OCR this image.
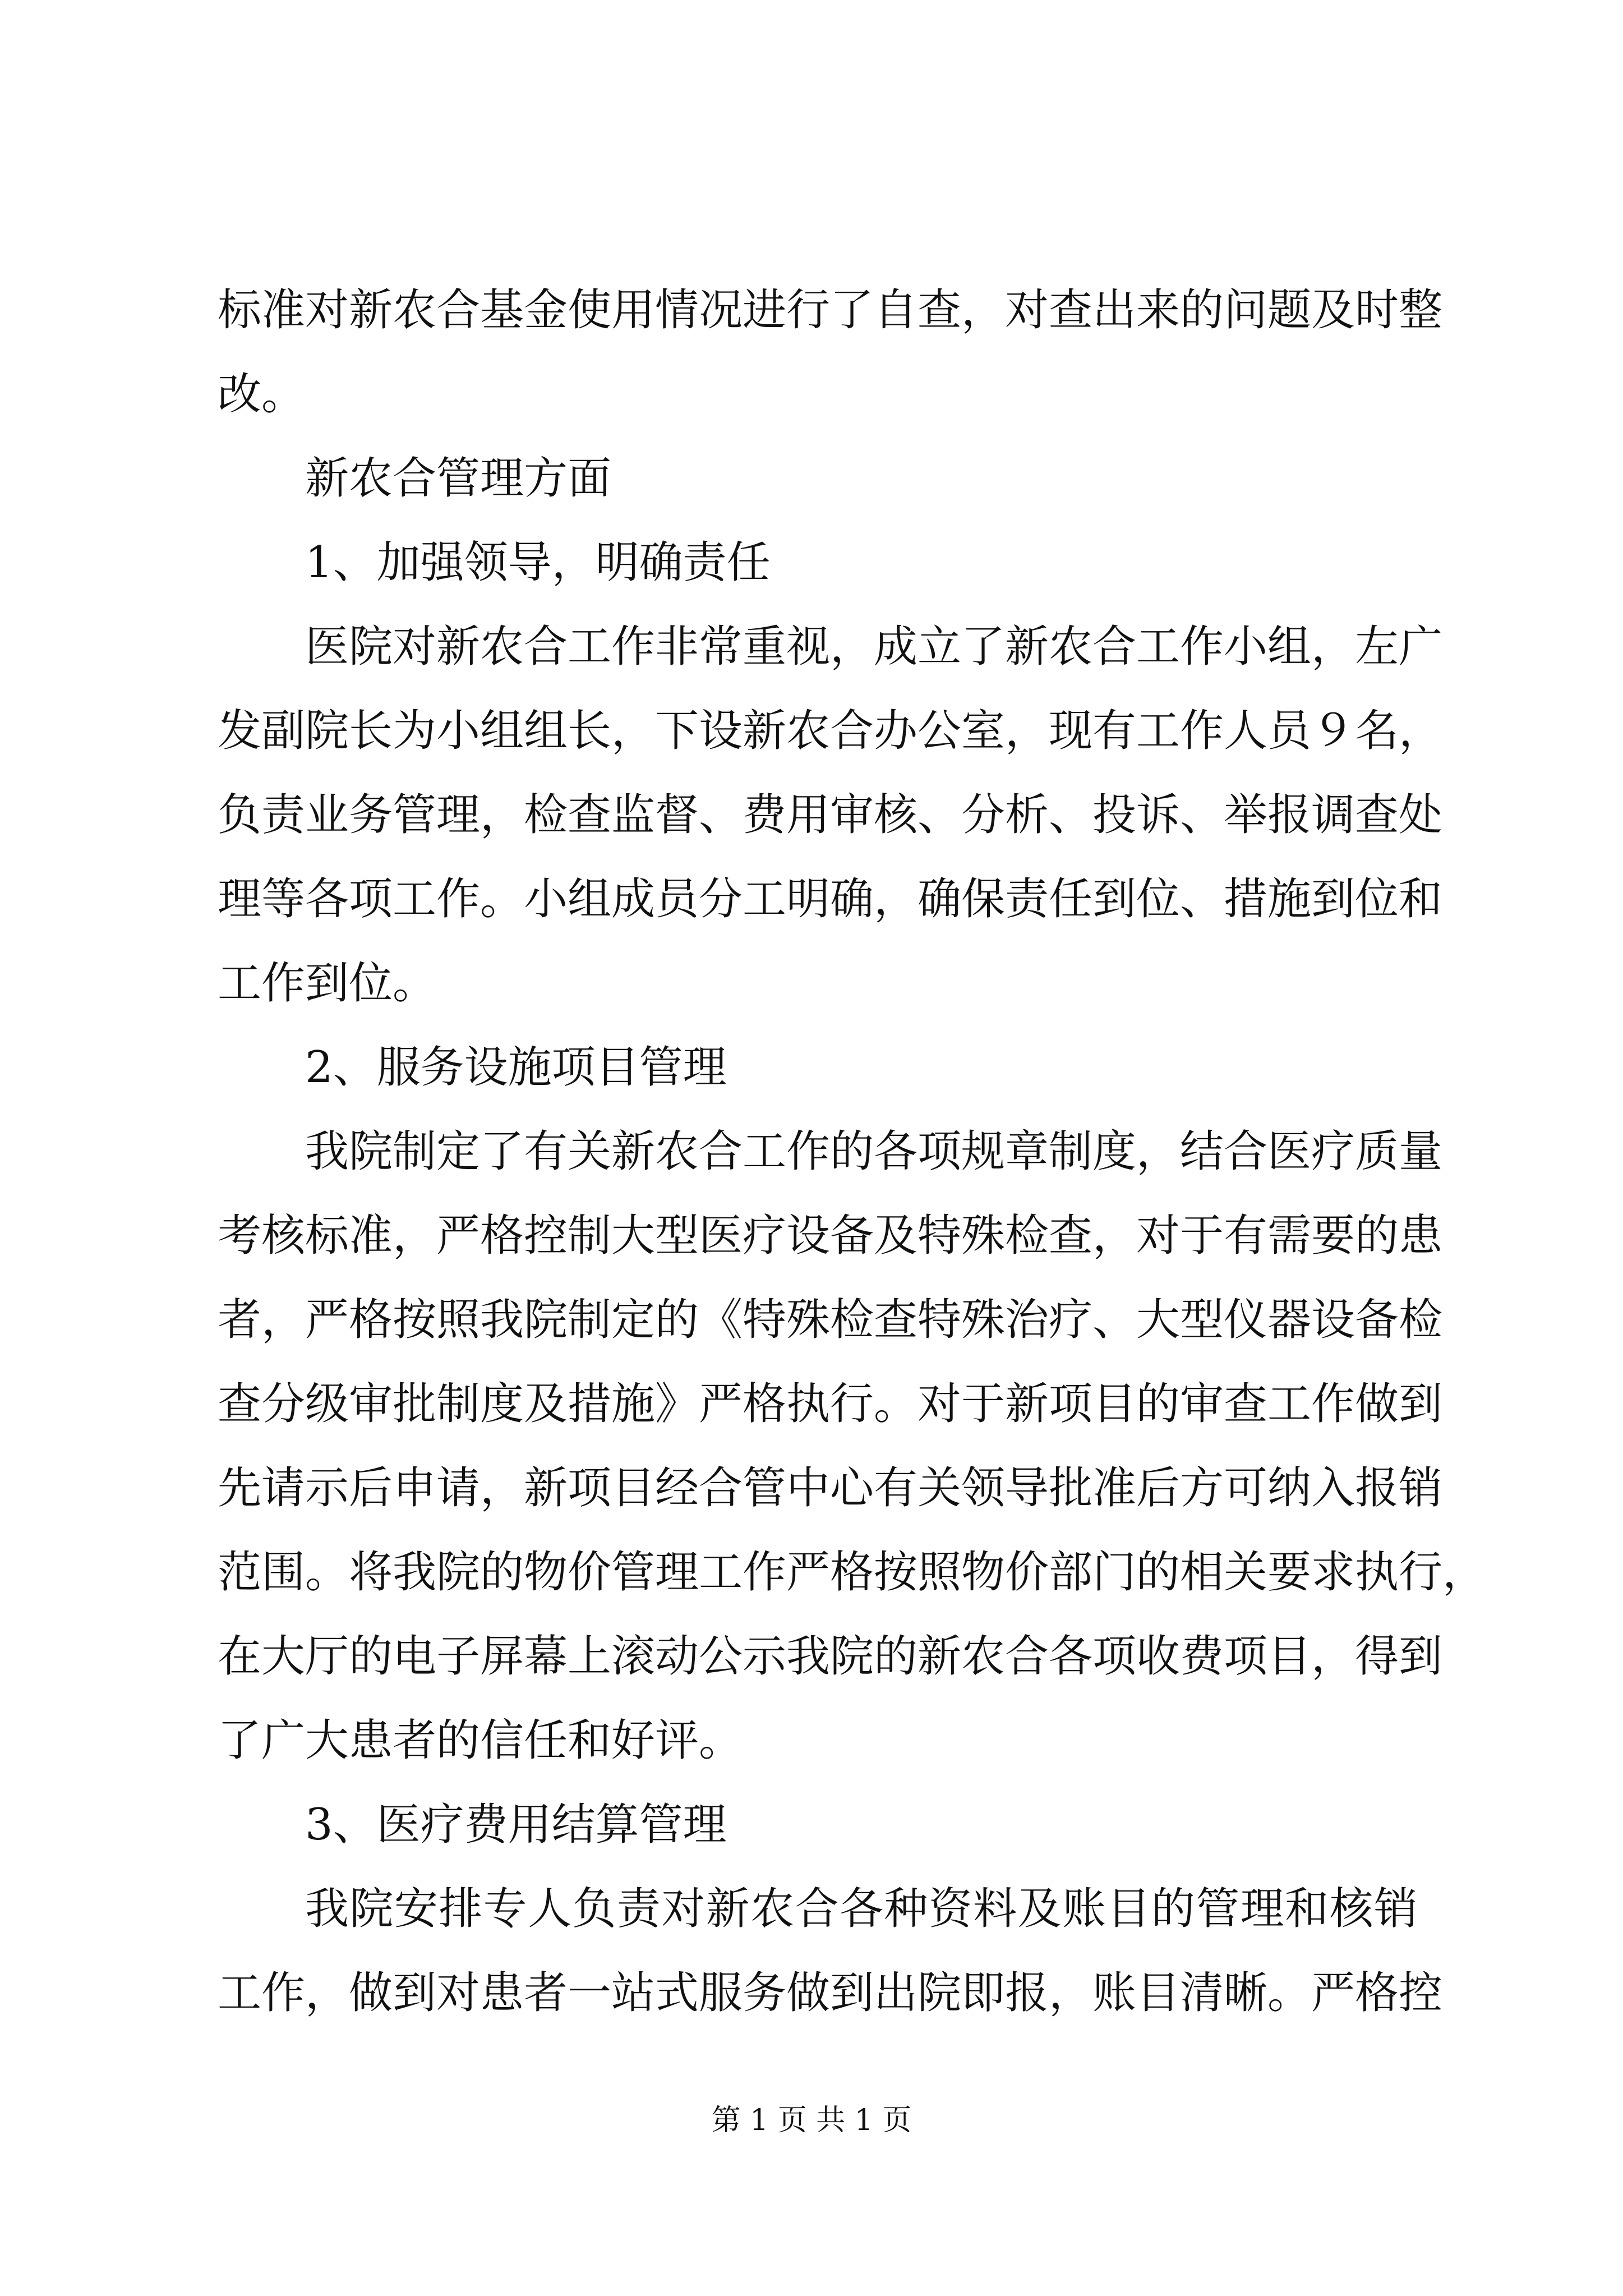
标准对新农合基金使用情况进行了自查，对查出来的问题及时整
改。
新农合管理方面
1、加强领导，明确责任
医院对新农合工作非常重视，成立了新农合工作小组，左广
发副院长为小组组长，下设新农合办公室，现有工作人员９名，
负责业务管理，检查监督、费用审核、分析、投诉、举报调查处
理等各项工作。小组成员分工明确，确保责任到位、措施到位和
工作到位。
2、服务设施项目管理
我院制定了有关新农合工作的各项规章制度，结合医疗质量
考核标准，严格控制大型医疗设备及特殊检查，对于有需要的患
者，严格按照我院制定的《特殊检查特殊治疗、大型仪器设备检
查分级审批制度及措施》严格执行。对于新项目的审查工作做到
先请示后申请，新项目经合管中心有关领导批准后方可纳入报销
范围。将我院的物价管理工作严格按照物价部门的相关要求执行，
在大厅的电子屏幕上滚动公示我院的新农合各项收费项目，得到
了广大患者的信任和好评。
3、医疗费用结算管理
我院安排专人负责对新农合各种资料及账目的管理和核销
工作，做到对患者一站式服务做到出院即报，账目清晰。严格控
第 1 页 共 1 页
